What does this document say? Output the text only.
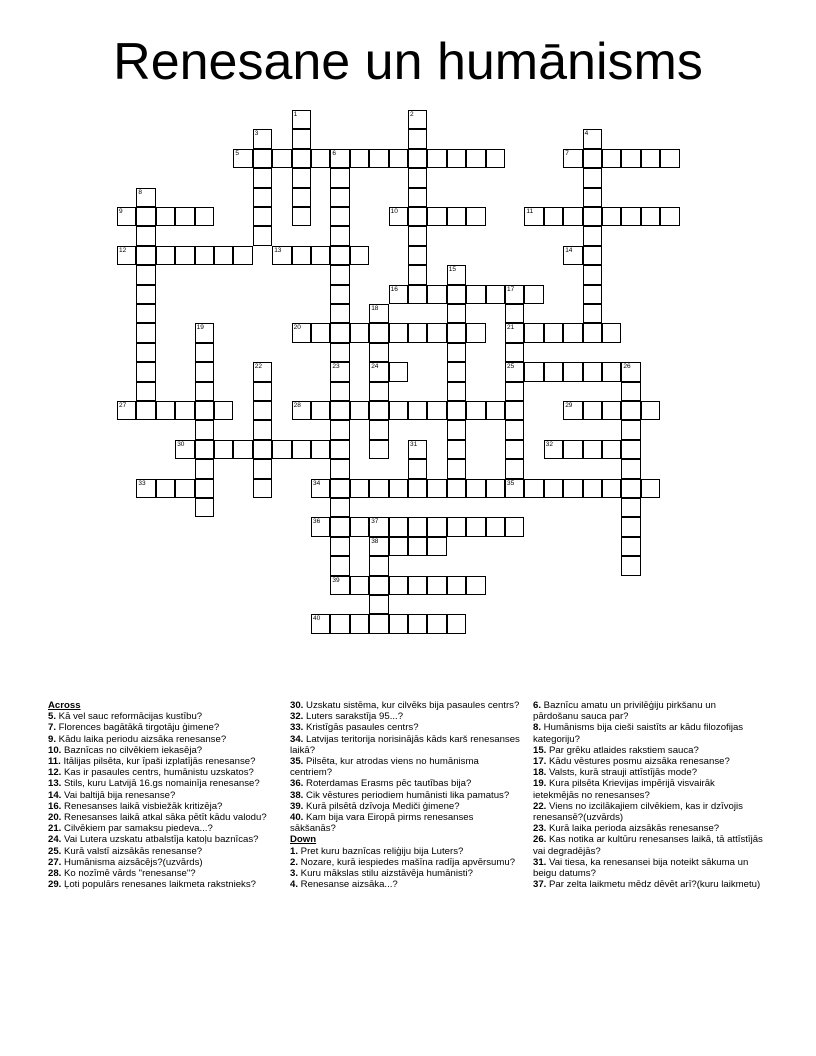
Renesane un humānisms
1	2
3	4
5	6
23
7
8
9	10	11
12	13	14
15
16	17
21
25
18
24
19	20
22	26
27	28	29
30	31	32
33	34	35
36	37
38
39
40
Across
5. Kā vel sauc reformācijas kustību?
7. Florences bagātākā tirgotāju ģimene?
9. Kādu laika periodu aizsāka renesanse?
10. Baznīcas no cilvēkiem iekasēja?
11. Itālijas pilsēta, kur īpaši izplatījās renesanse?
12. Kas ir pasaules centrs, humānistu uzskatos?
13. Stils, kuru Latvijā 16.gs nomainīja renesanse?
14. Vai baltijā bija renesanse?
16. Renesanses laikā visbiežāk kritizēja?
20. Renesanses laikā atkal sāka pētīt kādu valodu?
21. Cilvēkiem par samaksu piedeva...?
24. Vai Lutera uzskatu atbalstīja katoļu baznīcas?
25. Kurā valstī aizsākās renesanse?
27. Humānisma aizsācējs?(uzvārds)
28. Ko nozīmē vārds "renesanse"?
29. Ļoti populārs renesanes laikmeta rakstnieks?
30. Uzskatu sistēma, kur cilvēks bija pasaules centrs?
32. Luters sarakstīja 95...?
33. Kristīgās pasaules centrs?
34. Latvijas teritorija norisinājās kāds karš renesanses laikā?
35. Pilsēta, kur atrodas viens no humānisma centriem?
36. Roterdamas Erasms pēc tautības bija?
38. Cik vēstures periodiem humānisti lika pamatus?
39. Kurā pilsētā dzīvoja Mediči ģimene?
40. Kam bija vara Eiropā pirms renesanses sākšanās?
Down
1. Pret kuru baznīcas reliģiju bija Luters?
2. Nozare, kurā iespiedes mašīna radīja apvērsumu?
3. Kuru mākslas stilu aizstāvēja humānisti?
4. Renesanse aizsāka...?
6. Baznīcu amatu un privilēģiju pirkšanu un pārdošanu sauca par?
8. Humānisms bija cieši saistīts ar kādu filozofijas kategoriju?
15. Par grēku atlaides rakstiem sauca?
17. Kādu vēstures posmu aizsāka renesanse?
18. Valsts, kurā strauji attīstījās mode?
19. Kura pilsēta Krievijas impērijā visvairāk ietekmējās no renesanses?
22. Viens no izcilākajiem cilvēkiem, kas ir dzīvojis renesansē?(uzvārds)
23. Kurā laika perioda aizsākās renesanse?
26. Kas notika ar kultūru renesanses laikā, tā attīstījās vai degradējās?
31. Vai tiesa, ka renesansei bija noteikt sākuma un beigu datums?
37. Par zelta laikmetu mēdz dēvēt arī?(kuru laikmetu)
